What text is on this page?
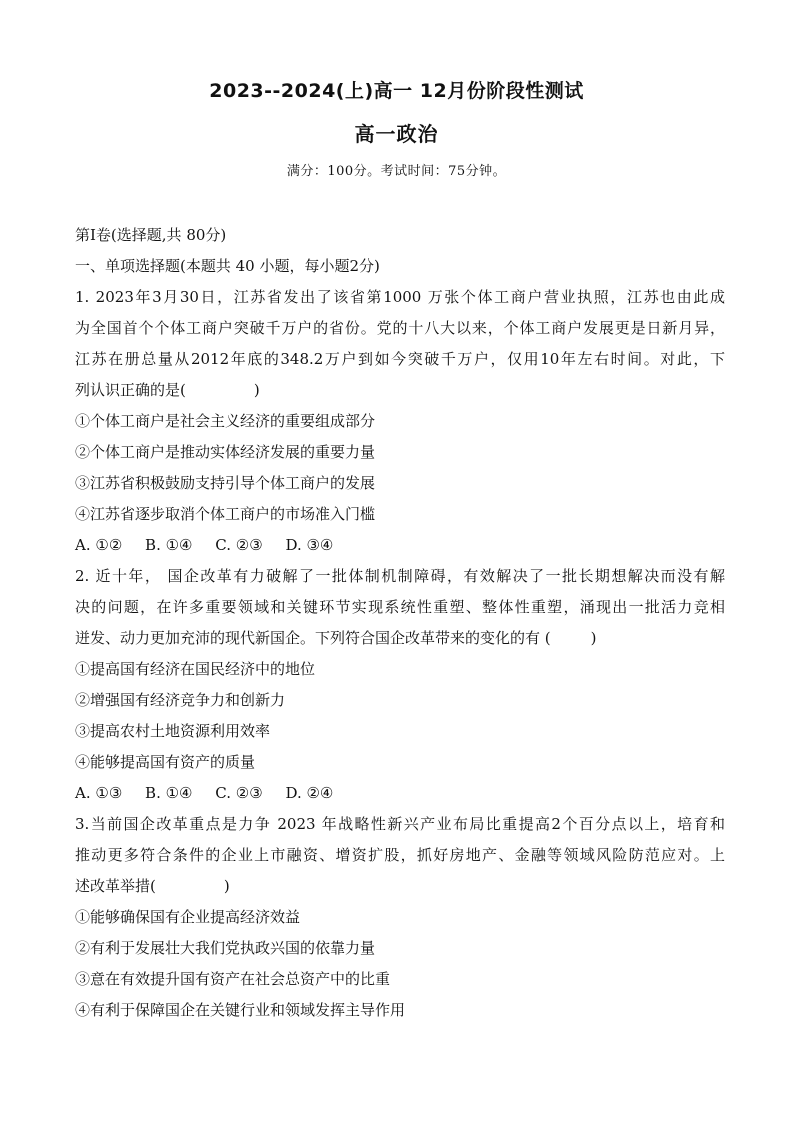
2023--2024(上)高一 12月份阶段性测试
高一政治
满分：100分。考试时间：75分钟。
第Ⅰ卷(选择题,共 80分)
一、单项选择题(本题共 40 小题，每小题2分)
1. 2023年3月30日，江苏省发出了该省第1000 万张个体工商户营业执照，江苏也由此成
为全国首个个体工商户突破千万户的省份。党的十八大以来，个体工商户发展更是日新月异，
江苏在册总量从2012年底的348.2万户到如今突破千万户，仅用10年左右时间。对此，下
列认识正确的是(	)
①个体工商户是社会主义经济的重要组成部分
②个体工商户是推动实体经济发展的重要力量
③江苏省积极鼓励支持引导个体工商户的发展
④江苏省逐步取消个体工商户的市场准入门槛
A. ①② B. ①④ C. ②③ D. ③④
2. 近十年， 国企改革有力破解了一批体制机制障碍，有效解决了一批长期想解决而没有解
决的问题，在许多重要领域和关键环节实现系统性重塑、整体性重塑，涌现出一批活力竞相
迸发、动力更加充沛的现代新国企。下列符合国企改革带来的变化的有 (	)
①提高国有经济在国民经济中的地位
②增强国有经济竞争力和创新力
③提高农村土地资源利用效率
④能够提高国有资产的质量
A. ①③ B. ①④ C. ②③ D. ②④
3.当前国企改革重点是力争 2023 年战略性新兴产业布局比重提高2个百分点以上，培育和
推动更多符合条件的企业上市融资、增资扩股，抓好房地产、金融等领域风险防范应对。上
述改革举措(	)
①能够确保国有企业提高经济效益
②有利于发展壮大我们党执政兴国的依靠力量
③意在有效提升国有资产在社会总资产中的比重
④有利于保障国企在关键行业和领域发挥主导作用
